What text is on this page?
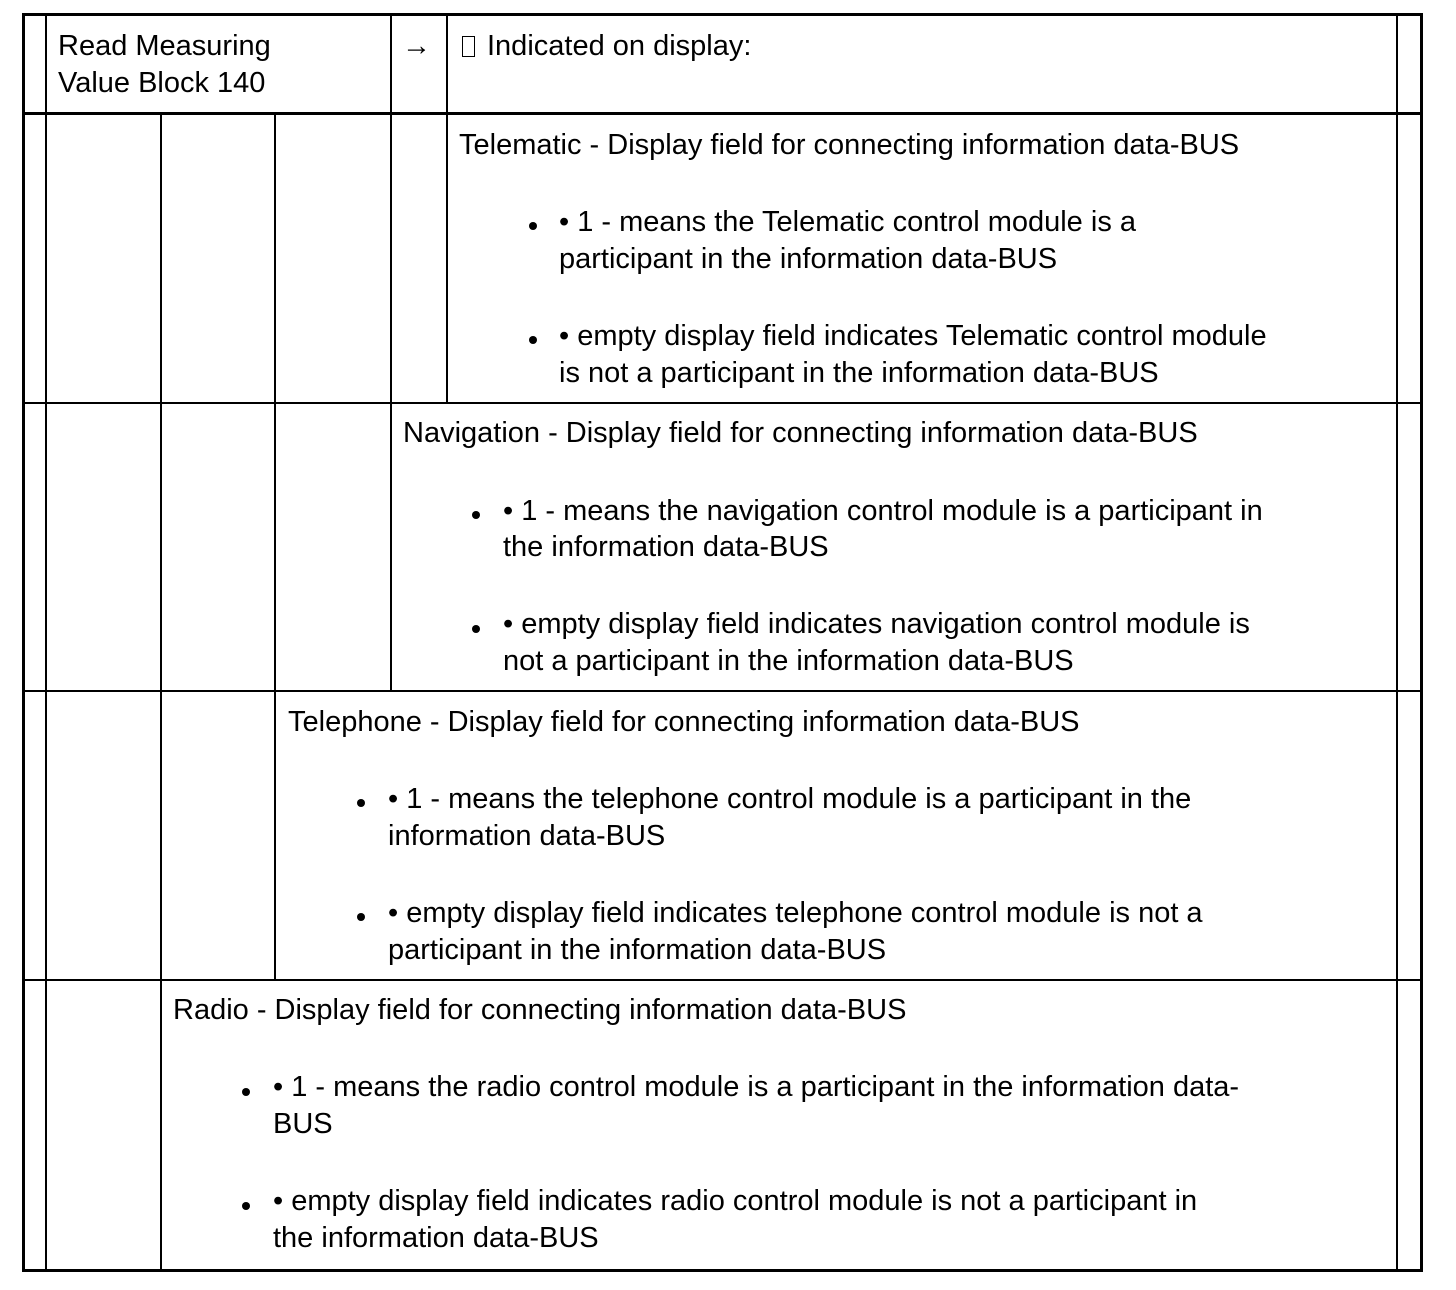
Read Measuring

Value Block 140

→	Indicated on display:

Telematic - Display field for connecting information data-BUS

• 1 - means the Telematic control module is a

participant in the information data-BUS

• empty display field indicates Telematic control module

is not a participant in the information data-BUS

Navigation - Display field for connecting information data-BUS

• 1 - means the navigation control module is a participant in

the information data-BUS

• empty display field indicates navigation control module is

not a participant in the information data-BUS

Telephone - Display field for connecting information data-BUS

• 1 - means the telephone control module is a participant in the

information data-BUS

• empty display field indicates telephone control module is not a

participant in the information data-BUS

Radio - Display field for connecting information data-BUS

• 1 - means the radio control module is a participant in the information data-

BUS

• empty display field indicates radio control module is not a participant in

the information data-BUS
